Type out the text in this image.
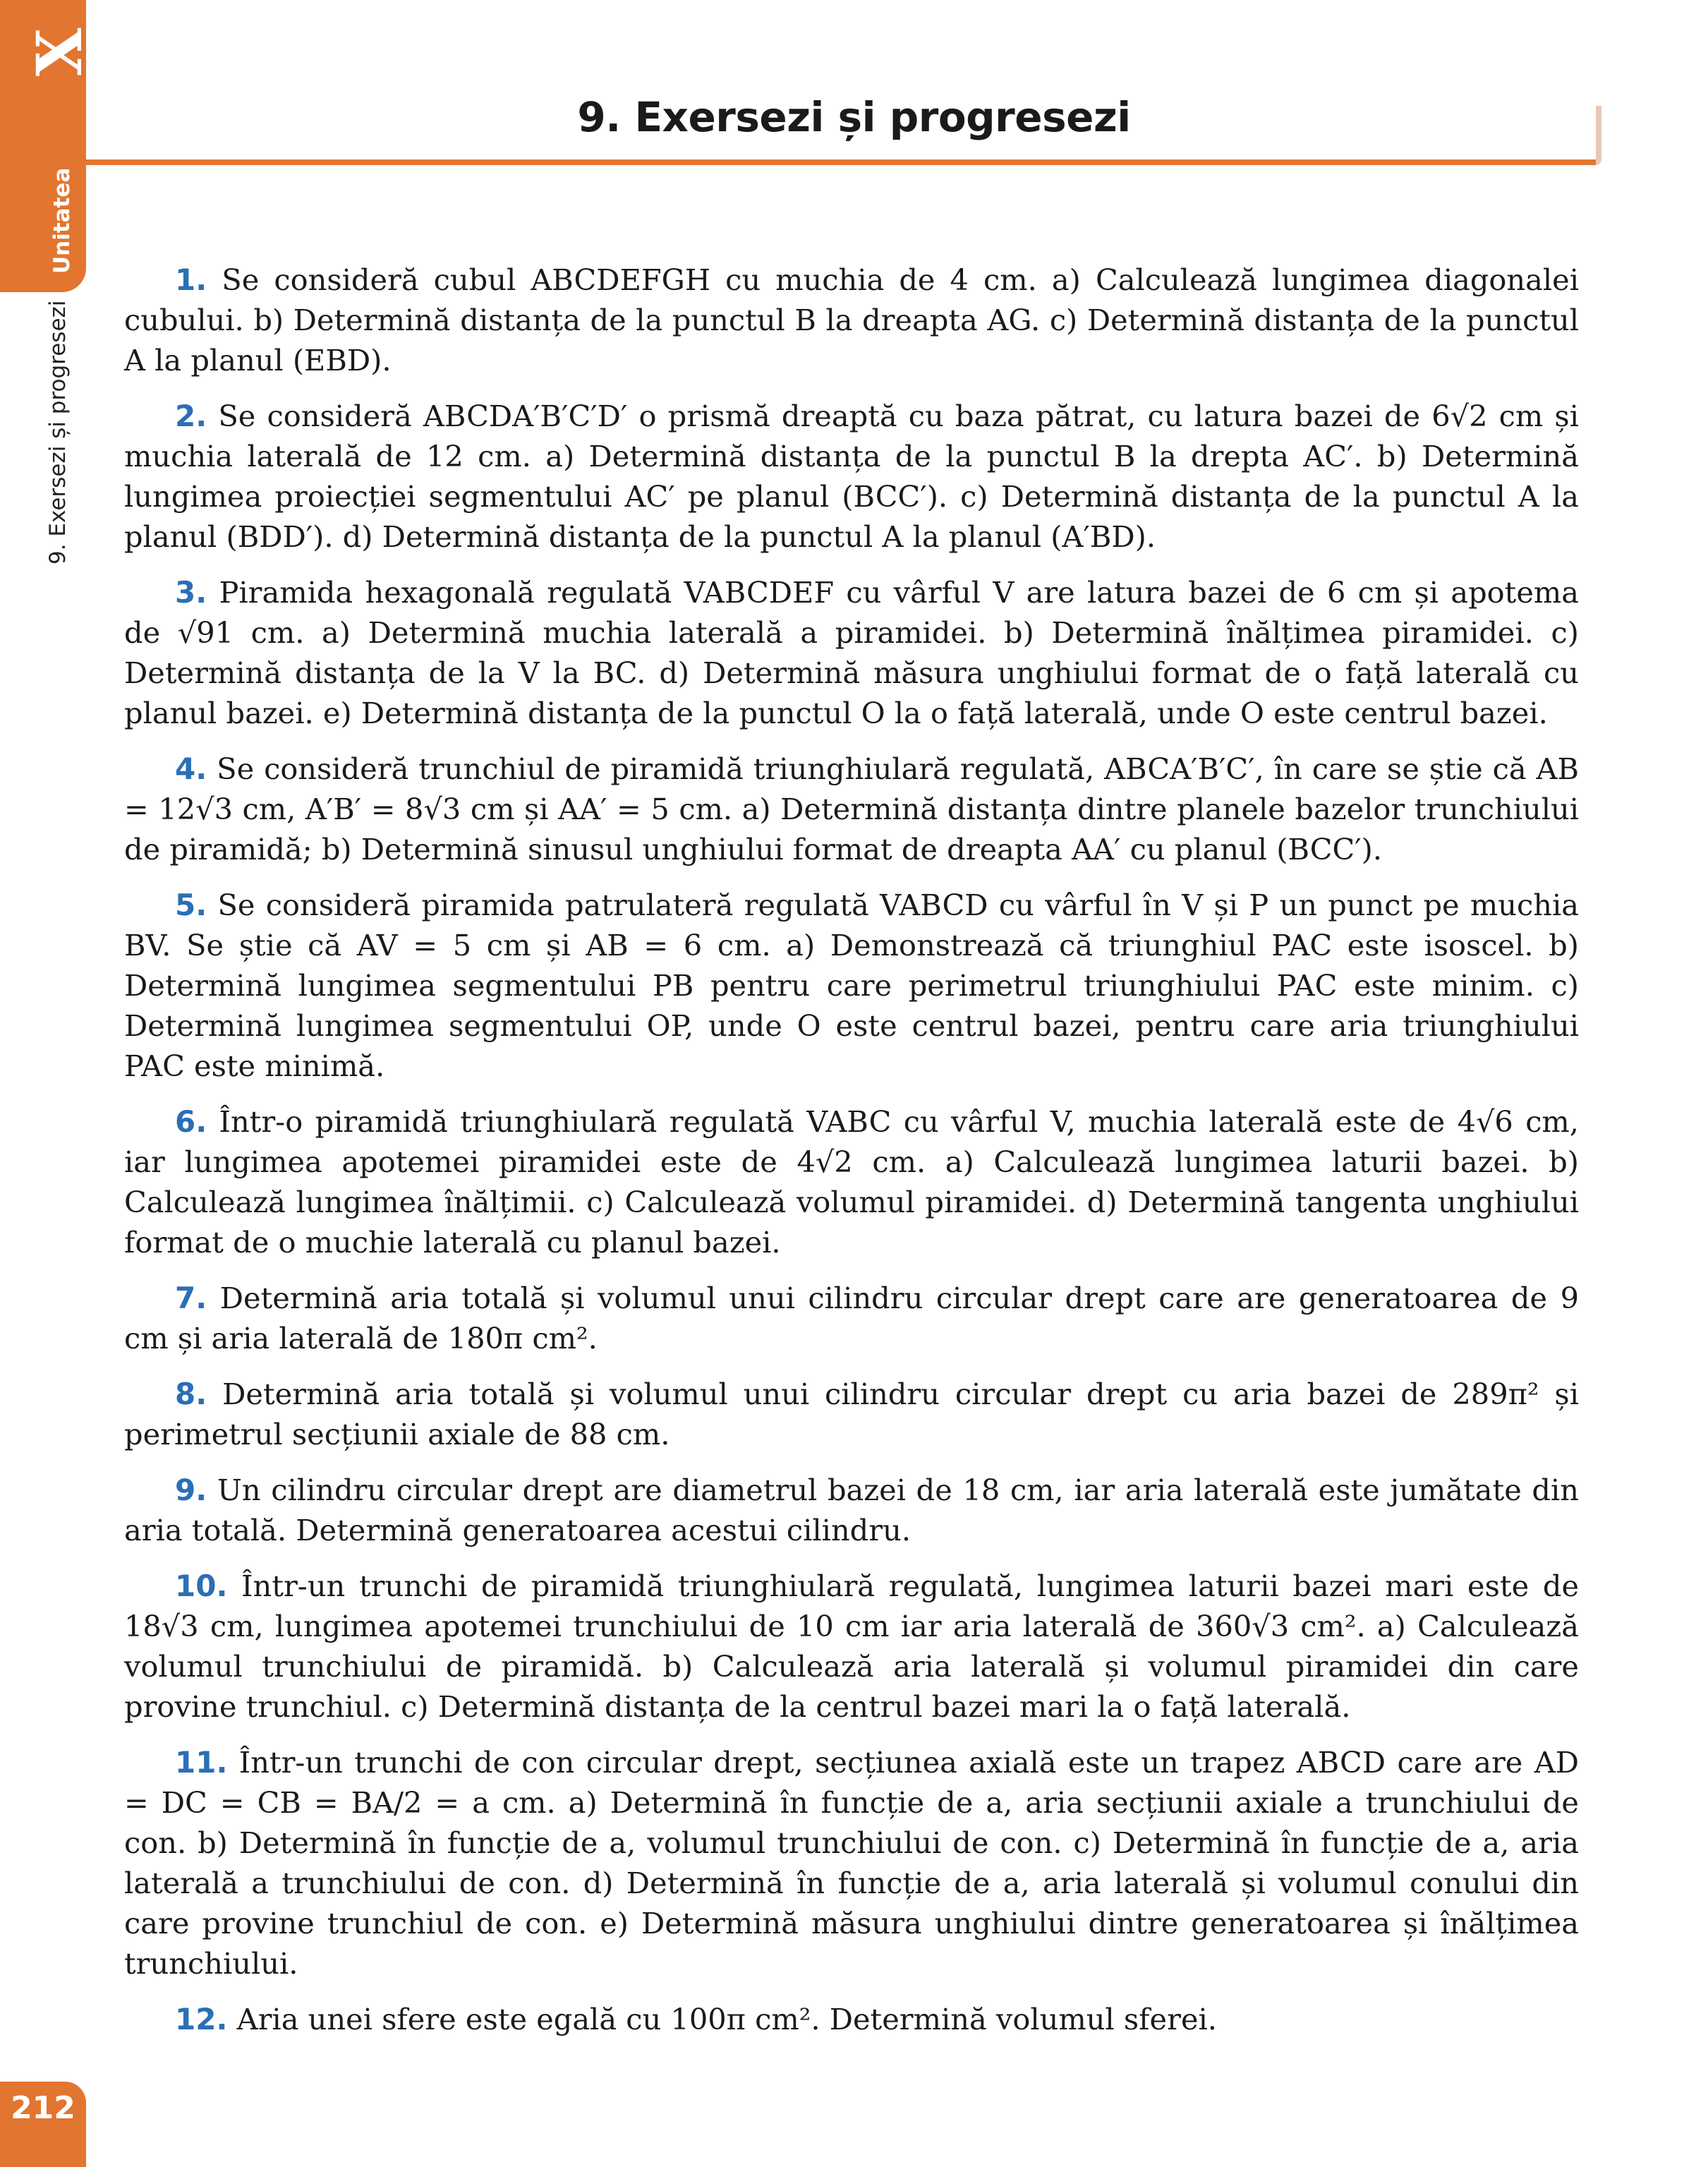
X
Unitatea
9. Exersezi și progresezi
9. Exersezi și progresezi

1. Se consideră cubul ABCDEFGH cu muchia de 4 cm. a) Calculează lungimea diagonalei cubului. b) Determină distanța de la punctul B la dreapta AG. c) Determină distanța de la punctul A la planul (EBD).

2. Se consideră ABCDA′B′C′D′ o prismă dreaptă cu baza pătrat, cu latura bazei de 6√2 cm și muchia laterală de 12 cm. a) Determină distanța de la punctul B la drepta AC′. b) Determină lungimea proiecției segmentului AC′ pe planul (BCC′). c) Determină distanța de la punctul A la planul (BDD′). d) Determină distanța de la punctul A la planul (A′BD).

3. Piramida hexagonală regulată VABCDEF cu vârful V are latura bazei de 6 cm și apotema de √91 cm. a) Determină muchia laterală a piramidei. b) Determină înălțimea piramidei. c) Determină distanța de la V la BC. d) Determină măsura unghiului format de o față laterală cu planul bazei. e) Determină distanța de la punctul O la o față laterală, unde O este centrul bazei.

4. Se consideră trunchiul de piramidă triunghiulară regulată, ABCA′B′C′, în care se știe că AB = 12√3 cm, A′B′ = 8√3 cm și AA′ = 5 cm. a) Determină distanța dintre planele bazelor trunchiului de piramidă; b) Determină sinusul unghiului format de dreapta AA′ cu planul (BCC′).

5. Se consideră piramida patrulateră regulată VABCD cu vârful în V și P un punct pe muchia BV. Se știe că AV = 5 cm și AB = 6 cm. a) Demonstrează că triunghiul PAC este isoscel. b) Determină lungimea segmentului PB pentru care perimetrul triunghiului PAC este minim. c) Determină lungimea segmentului OP, unde O este centrul bazei, pentru care aria triunghiului PAC este minimă.

6. Într-o piramidă triunghiulară regulată VABC cu vârful V, muchia laterală este de 4√6 cm, iar lungimea apotemei piramidei este de 4√2 cm. a) Calculează lungimea laturii bazei. b) Calculează lungimea înălțimii. c) Calculează volumul piramidei. d) Determină tangenta unghiului format de o muchie laterală cu planul bazei.

7. Determină aria totală și volumul unui cilindru circular drept care are generatoarea de 9 cm și aria laterală de 180π cm².

8. Determină aria totală și volumul unui cilindru circular drept cu aria bazei de 289π² și perimetrul secțiunii axiale de 88 cm.

9. Un cilindru circular drept are diametrul bazei de 18 cm, iar aria laterală este jumătate din aria totală. Determină generatoarea acestui cilindru.

10. Într-un trunchi de piramidă triunghiulară regulată, lungimea laturii bazei mari este de 18√3 cm, lungimea apotemei trunchiului de 10 cm iar aria laterală de 360√3 cm². a) Calculează volumul trunchiului de piramidă. b) Calculează aria laterală și volumul piramidei din care provine trunchiul. c) Determină distanța de la centrul bazei mari la o față laterală.

11. Într-un trunchi de con circular drept, secțiunea axială este un trapez ABCD care are AD = DC = CB = BA/2 = a cm. a) Determină în funcție de a, aria secțiunii axiale a trunchiului de con. b) Determină în funcție de a, volumul trunchiului de con. c) Determină în funcție de a, aria laterală a trunchiului de con. d) Determină în funcție de a, aria laterală și volumul conului din care provine trunchiul de con. e) Determină măsura unghiului dintre generatoarea și înălțimea trunchiului.

12. Aria unei sfere este egală cu 100π cm². Determină volumul sferei.

212
